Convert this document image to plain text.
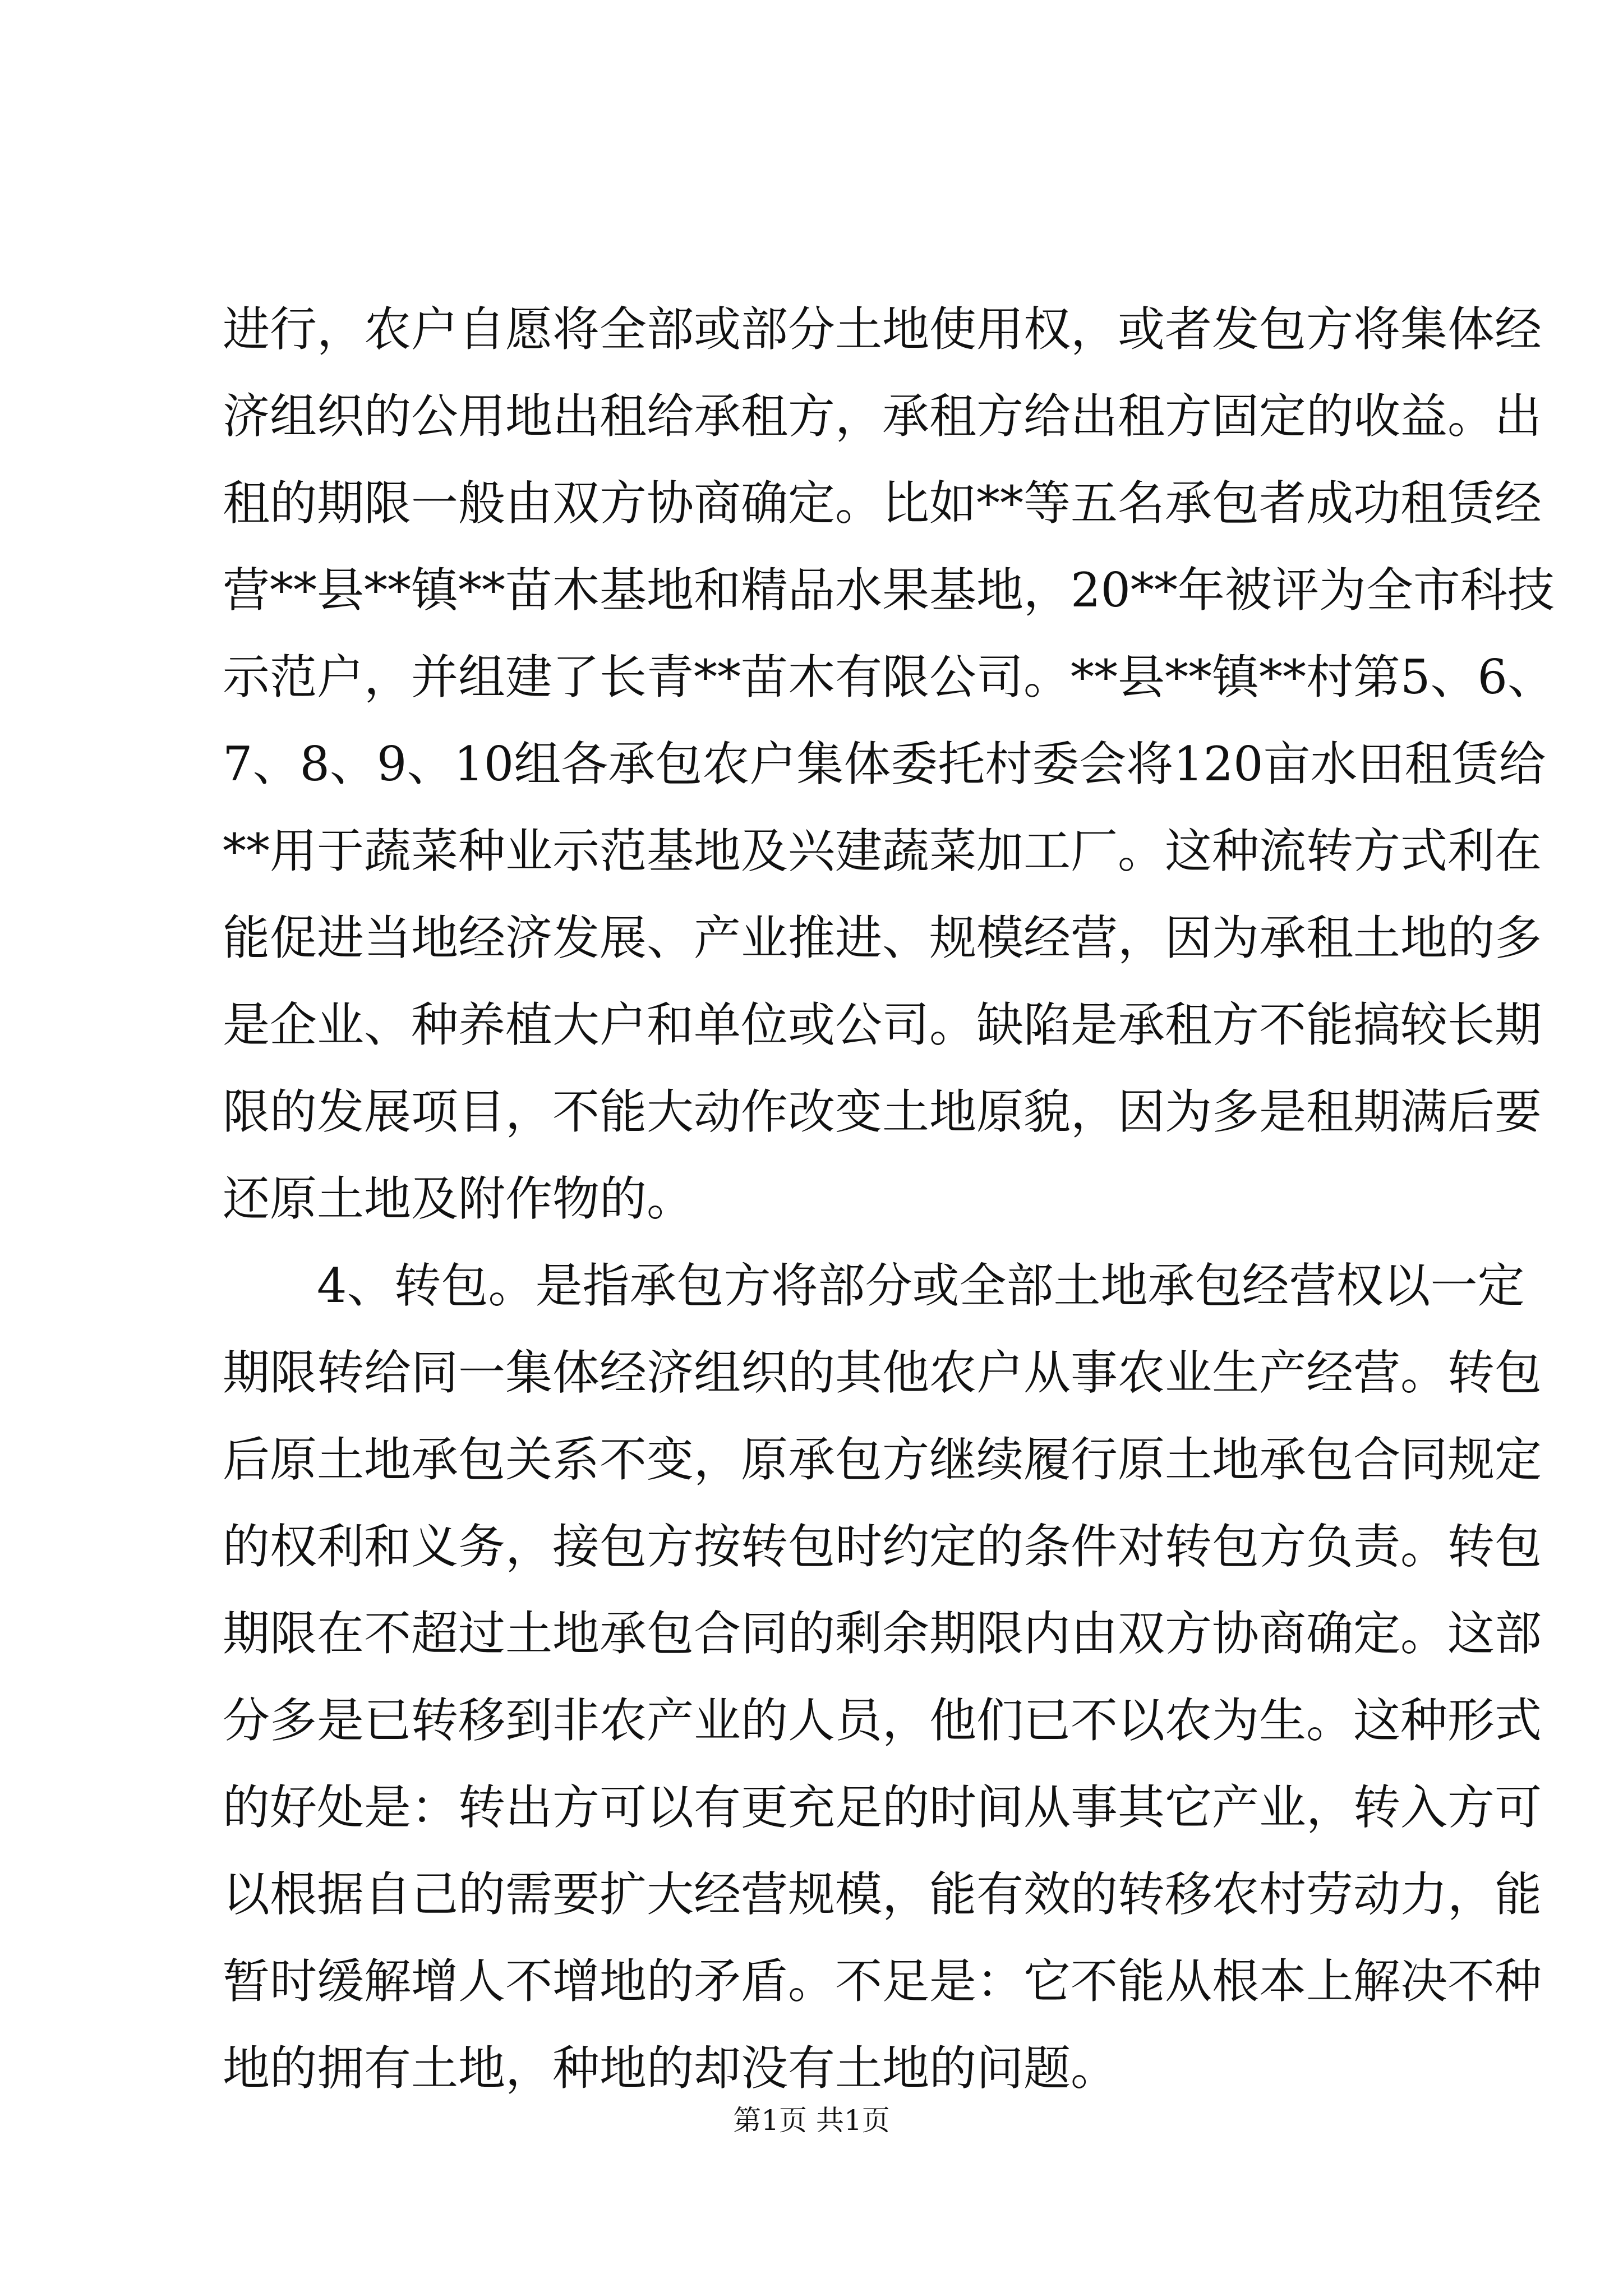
进行，农户自愿将全部或部分土地使用权，或者发包方将集体经
济组织的公用地出租给承租方，承租方给出租方固定的收益。出
租的期限一般由双方协商确定。比如**等五名承包者成功租赁经
营**县**镇**苗木基地和精品水果基地，20**年被评为全市科技
示范户，并组建了长青**苗木有限公司。**县**镇**村第5、6、
7、8、9、10组各承包农户集体委托村委会将120亩水田租赁给
**用于蔬菜种业示范基地及兴建蔬菜加工厂。这种流转方式利在
能促进当地经济发展、产业推进、规模经营，因为承租土地的多
是企业、种养植大户和单位或公司。缺陷是承租方不能搞较长期
限的发展项目，不能大动作改变土地原貌，因为多是租期满后要
还原土地及附作物的。
4、转包。是指承包方将部分或全部土地承包经营权以一定
期限转给同一集体经济组织的其他农户从事农业生产经营。转包
后原土地承包关系不变，原承包方继续履行原土地承包合同规定
的权利和义务，接包方按转包时约定的条件对转包方负责。转包
期限在不超过土地承包合同的剩余期限内由双方协商确定。这部
分多是已转移到非农产业的人员，他们已不以农为生。这种形式
的好处是：转出方可以有更充足的时间从事其它产业，转入方可
以根据自己的需要扩大经营规模，能有效的转移农村劳动力，能
暂时缓解增人不增地的矛盾。不足是：它不能从根本上解决不种
地的拥有土地，种地的却没有土地的问题。
第1页 共1页
